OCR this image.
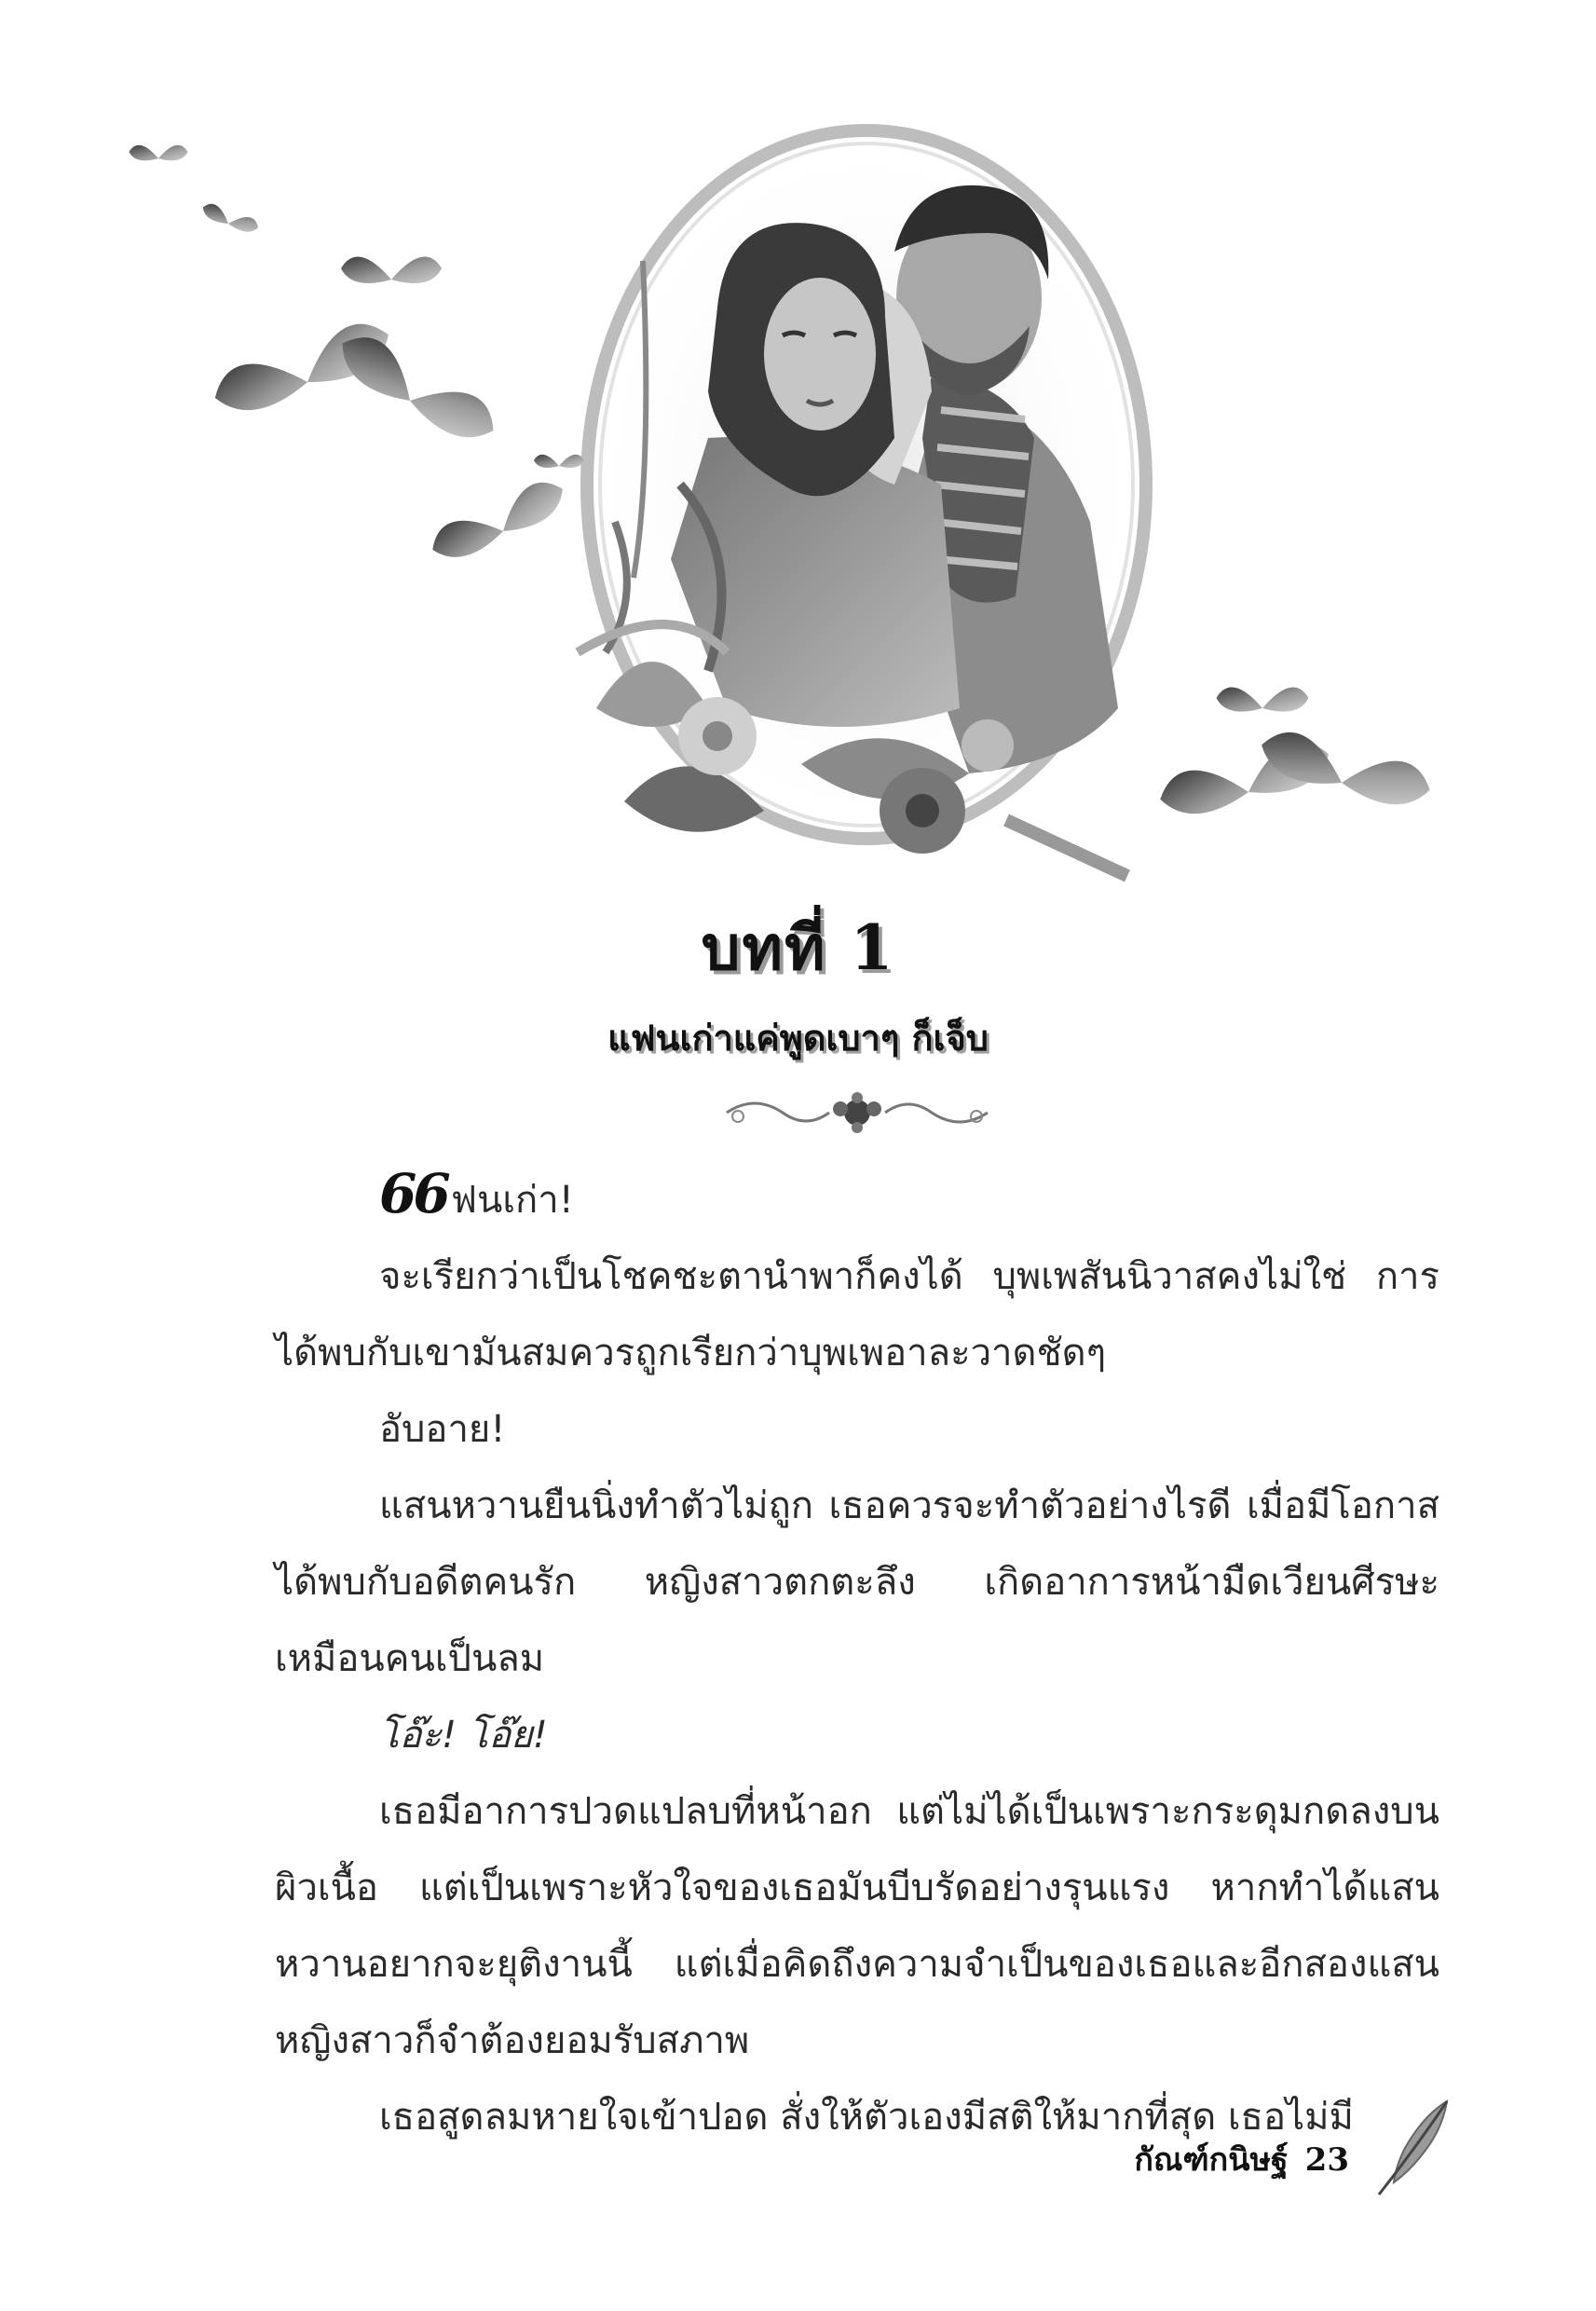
บทที่ 1
แฟนเก่าแค่พูดเบาๆ ก็เจ็บ

66 ฟนเก่า!

จะเรียกว่าเป็นโชคชะตานำพาก็คงได้ บุพเพสันนิวาสคงไม่ใช่ การได้พบกับเขามันสมควรถูกเรียกว่าบุพเพอาละวาดชัดๆ

อับอาย!

แสนหวานยืนนิ่งทำตัวไม่ถูก เธอควรจะทำตัวอย่างไรดี เมื่อมีโอกาสได้พบกับอดีตคนรัก หญิงสาวตกตะลึง เกิดอาการหน้ามืดเวียนศีรษะ เหมือนคนเป็นลม

โอ๊ะ! โอ๊ย!

เธอมีอาการปวดแปลบที่หน้าอก แต่ไม่ได้เป็นเพราะกระดุมกดลงบนผิวเนื้อ แต่เป็นเพราะหัวใจของเธอมันบีบรัดอย่างรุนแรง หากทำได้แสนหวานอยากจะยุติงานนี้ แต่เมื่อคิดถึงความจำเป็นของเธอและอีกสองแสน หญิงสาวก็จำต้องยอมรับสภาพ

เธอสูดลมหายใจเข้าปอด สั่งให้ตัวเองมีสติให้มากที่สุด เธอไม่มี

กัณฑ์กนิษฐ์ 23
